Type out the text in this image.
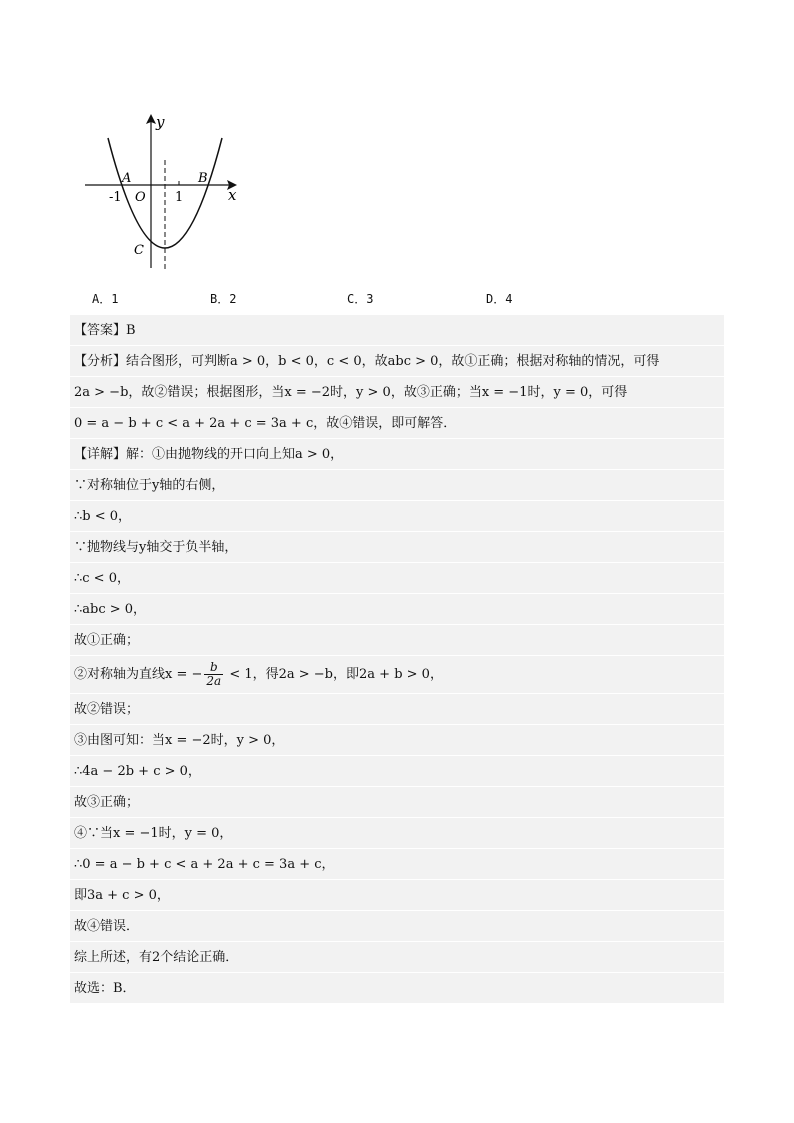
y
x
A	B
C
O
-1	1
A．1	B．2	C．3	D．4
【答案】B
【分析】结合图形，可判断a > 0，b < 0，c < 0，故abc > 0，故①正确；根据对称轴的情况，可得
2a > −b，故②错误；根据图形，当x = −2时，y > 0，故③正确；当x = −1时，y = 0，可得
0 = a − b + c < a + 2a + c = 3a + c，故④错误，即可解答．
【详解】解：①由抛物线的开口向上知a > 0，
∵对称轴位于y轴的右侧，
∴b < 0，
∵抛物线与y轴交于负半轴，
∴c < 0，
∴abc > 0，
故①正确；
②对称轴为直线x = − $\frac{b}{2a} < 1$，得2a > −b，即2a + b > 0，
故②错误；
③由图可知：当x = −2时，y > 0，
∴4a − 2b + c > 0，
故③正确；
④∵当x = −1时，y = 0，
∴0 = a − b + c < a + 2a + c = 3a + c，
即3a + c > 0，
故④错误．
综上所述，有2个结论正确．
故选：B．
